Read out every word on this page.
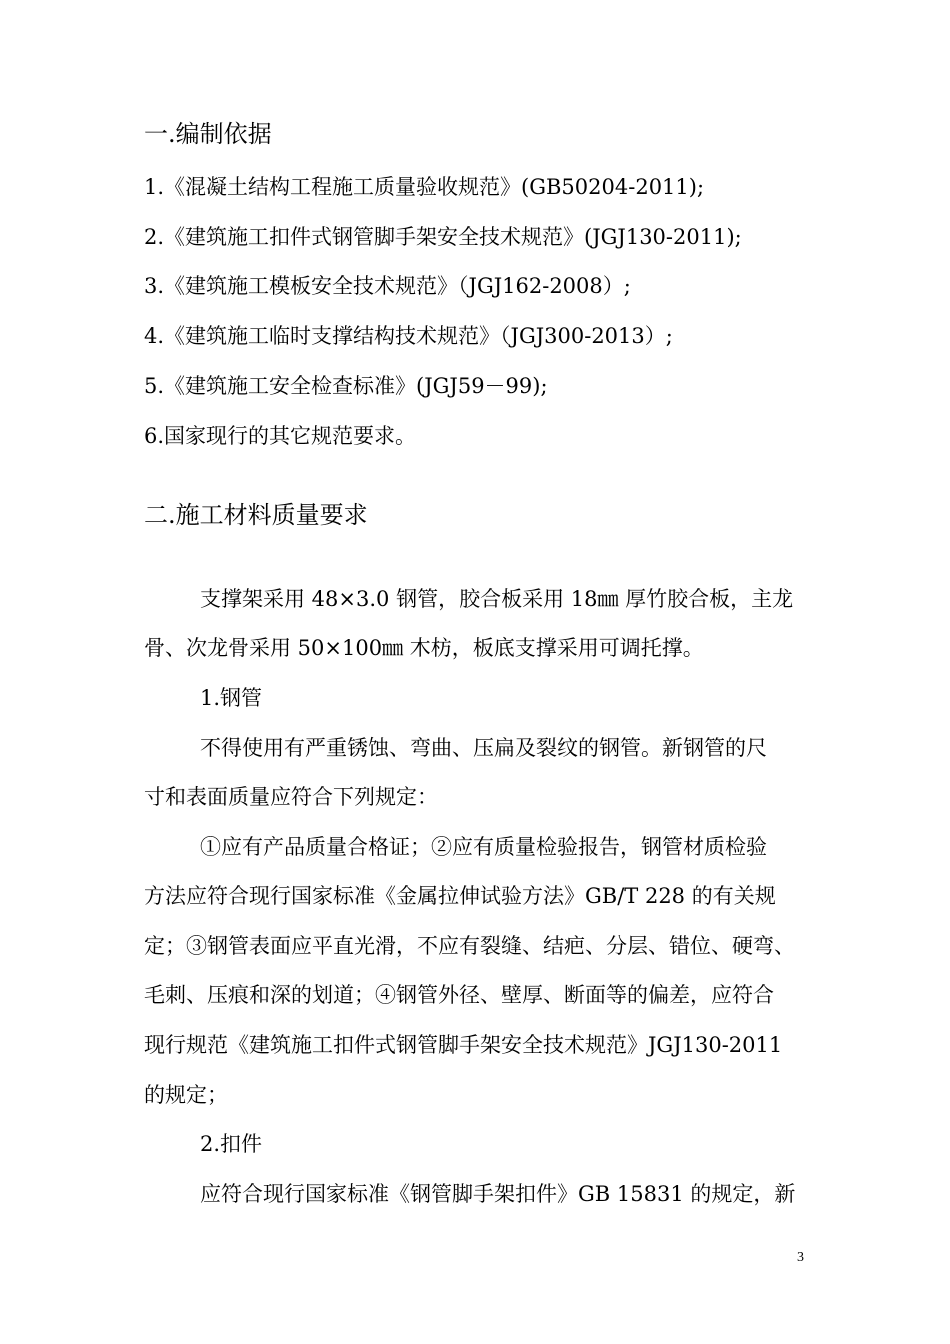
一.编制依据
1.《混凝土结构工程施工质量验收规范》(GB50204-2011);
2.《建筑施工扣件式钢管脚手架安全技术规范》(JGJ130-2011);
3.《建筑施工模板安全技术规范》（JGJ162-2008）;
4.《建筑施工临时支撑结构技术规范》（JGJ300-2013）;
5.《建筑施工安全检查标准》(JGJ59－99);
6.国家现行的其它规范要求。
二.施工材料质量要求
支撑架采用 48×3.0 钢管，胶合板采用 18㎜ 厚竹胶合板，主龙
骨、次龙骨采用 50×100㎜ 木枋，板底支撑采用可调托撑。
1.钢管
不得使用有严重锈蚀、弯曲、压扁及裂纹的钢管。新钢管的尺
寸和表面质量应符合下列规定：
①应有产品质量合格证；②应有质量检验报告，钢管材质检验
方法应符合现行国家标准《金属拉伸试验方法》GB/T 228 的有关规
定；③钢管表面应平直光滑，不应有裂缝、结疤、分层、错位、硬弯、
毛刺、压痕和深的划道；④钢管外径、壁厚、断面等的偏差，应符合
现行规范《建筑施工扣件式钢管脚手架安全技术规范》JGJ130-2011
的规定；
2.扣件
应符合现行国家标准《钢管脚手架扣件》GB 15831 的规定，新
3
